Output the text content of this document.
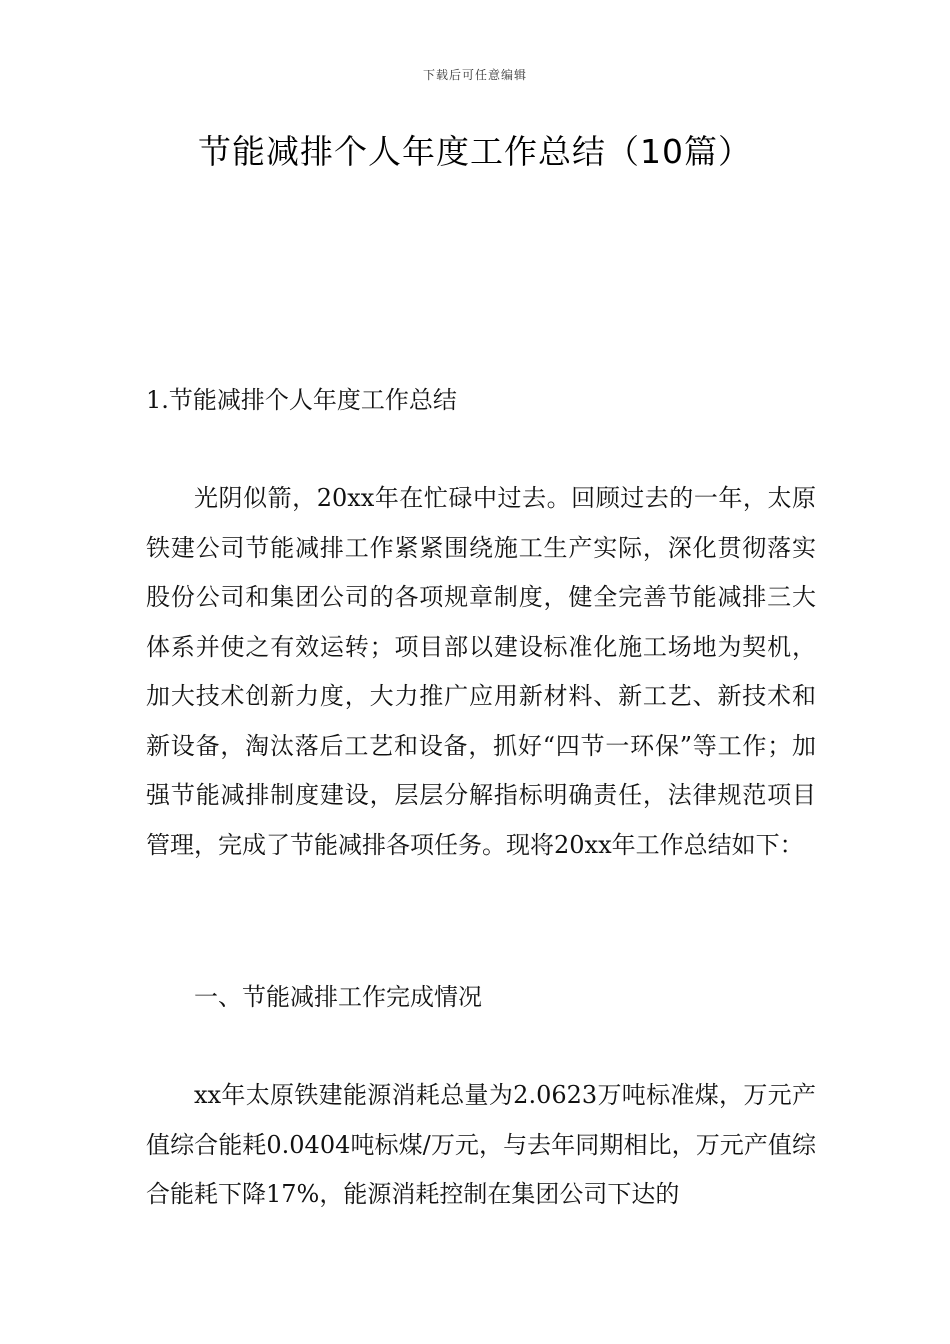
下载后可任意编辑
节能减排个人年度工作总结（10篇）
1.节能减排个人年度工作总结

光阴似箭，20xx年在忙碌中过去。回顾过去的一年，太原铁建公司节能减排工作紧紧围绕施工生产实际，深化贯彻落实股份公司和集团公司的各项规章制度，健全完善节能减排三大体系并使之有效运转；项目部以建设标准化施工场地为契机，加大技术创新力度，大力推广应用新材料、新工艺、新技术和新设备，淘汰落后工艺和设备，抓好“四节一环保”等工作；加强节能减排制度建设，层层分解指标明确责任，法律规范项目管理，完成了节能减排各项任务。现将20xx年工作总结如下：

一、节能减排工作完成情况

xx年太原铁建能源消耗总量为2.0623万吨标准煤，万元产值综合能耗0.0404吨标煤/万元，与去年同期相比，万元产值综合能耗下降17%，能源消耗控制在集团公司下达的
